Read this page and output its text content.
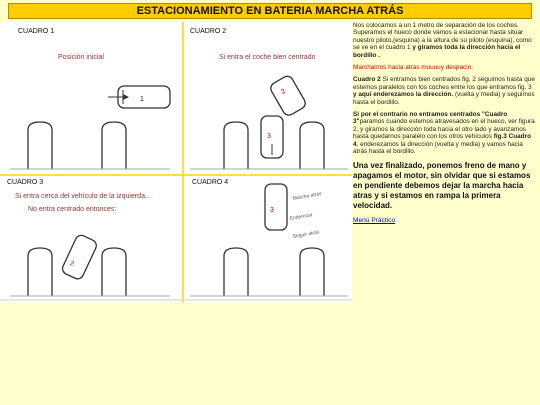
ESTACIONAMIENTO EN BATERIA MARCHA ATRÁS
CUADRO 1
Posición inicial
1
CUADRO 2
Si entra el coche bien centrado
2
3
CUADRO 3
Si entra cerca del vehículo de la izquierda...
No entra centrado entonces:
2
CUADRO 4
3
Marcha atrás
Enderezar
Seguir atrás

Nos colocamos a un 1 metro de separación de los coches. Superamos el hueco donde vamos a estacionar hasta situar nuestro piloto,(esquina) a la altura de su piloto (esquina), como se ve en el cuadro 1 y giramos toda la dirección hacia el bordillo .

Marchamos hacia atras muuuuy despacio.

Cuadro 2 Si entramos bien centrados fig. 2 seguimos hasta que estemos paralelos con los coches entre los que entramos fig. 3 y aquí enderezamos la dirección. (vuelta y media) y seguimos hasta el bordillo.

Si por el contrario no entramos centrados "Cuadro 3"paramos cuando estemos atravesados en el hueco, ver figura 2, y giramos la dirección toda hacia el otro lado y avanzamos hasta quedarnos paralelo con los otros vehículos fig.3 Cuadro 4, enderezamos la dirección (vuelta y media) y vamos hacia atrás hasta el bordillo.

Una vez finalizado, ponemos freno de mano y apagamos el motor, sin olvidar que si estamos en pendiente debemos dejar la marcha hacia atras y si estamos en rampa la primera velocidad.

Menú Práctico
